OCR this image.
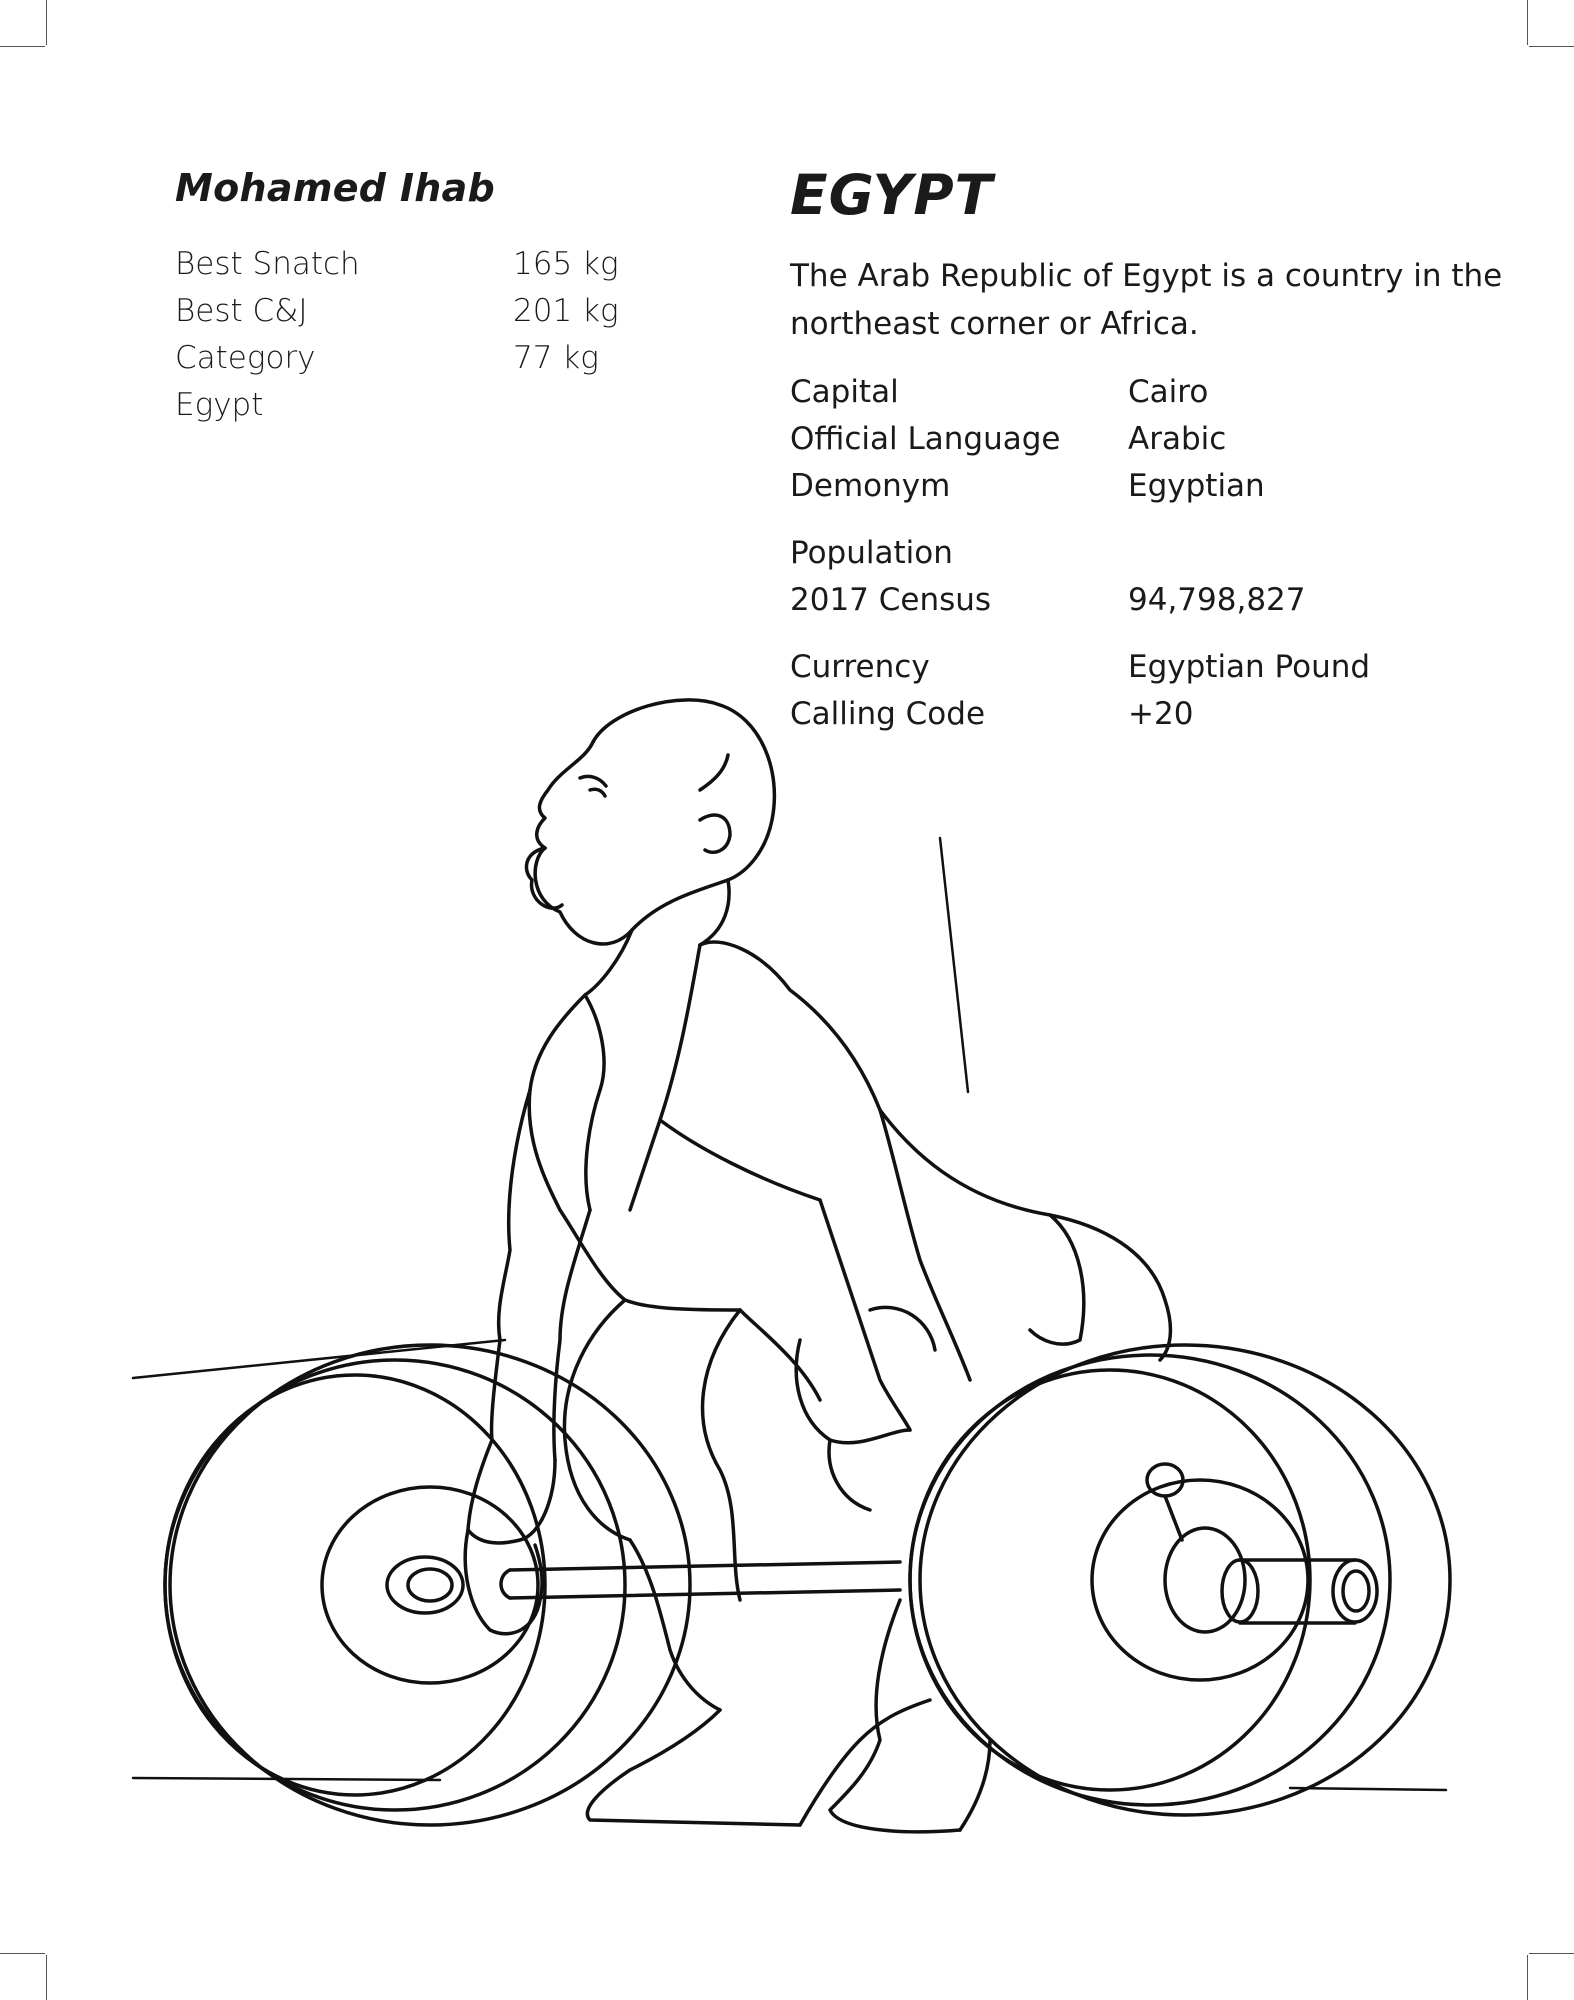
Mohamed Ihab
Best Snatch	165 kg
Best C&J	201 kg
Category	77 kg
Egypt
EGYPT

The Arab Republic of Egypt is a country in the northeast corner or Africa.

Capital	Cairo
Official Language	Arabic
Demonym	Egyptian
Population
2017 Census	94,798,827
Currency	Egyptian Pound
Calling Code	+20
